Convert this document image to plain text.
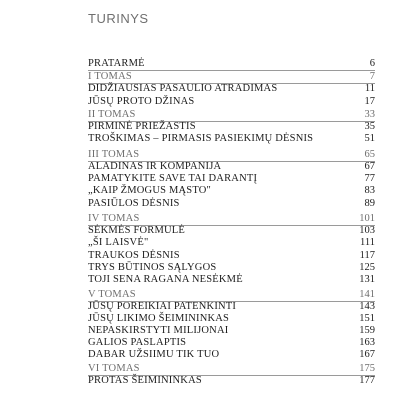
TURINYS
PRATARMĖ	6
I TOMAS	7
DIDŽIAUSIAS PASAULIO ATRADIMAS	11
JŪSŲ PROTO DŽINAS	17
II TOMAS	33
PIRMINĖ PRIEŽASTIS	35
TROŠKIMAS – PIRMASIS PASIEKIMŲ DĖSNIS	51
III TOMAS	65
ALADINAS IR KOMPANIJA	67
PAMATYKITE SAVE TAI DARANTĮ	77
„KAIP ŽMOGUS MĄSTO"	83
PASIŪLOS DĖSNIS	89
IV TOMAS	101
SĖKMĖS FORMULĖ	103
„ŠI LAISVĖ"	111
TRAUKOS DĖSNIS	117
TRYS BŪTINOS SĄLYGOS	125
TOJI SENA RAGANA NESĖKMĖ	131
V TOMAS	141
JŪSŲ POREIKIAI PATENKINTI	143
JŪSŲ LIKIMO ŠEIMININKAS	151
NEPASKIRSTYTI MILIJONAI	159
GALIOS PASLAPTIS	163
DABAR UŽSIIMU TIK TUO	167
VI TOMAS	175
PROTAS ŠEIMININKAS	177
